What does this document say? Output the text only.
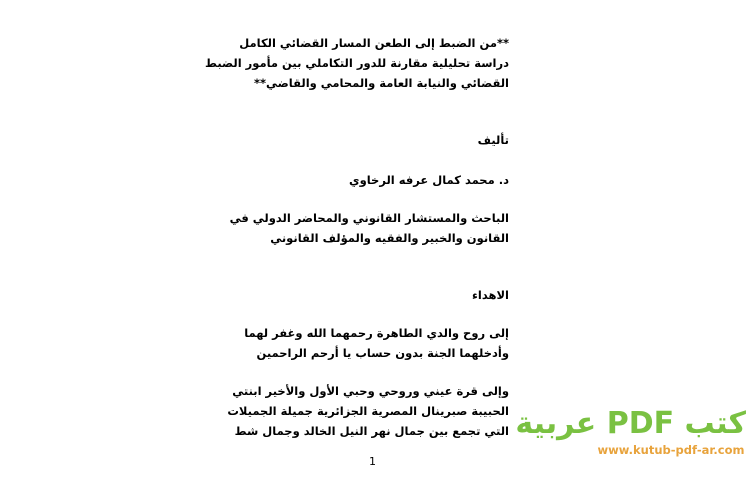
**من الضبط إلى الطعن المسار القضائي الكامل
دراسة تحليلية مقارنة للدور التكاملي بين مأمور الضبط
القضائي والنيابة العامة والمحامي والقاضي**
تأليف
د. محمد كمال عرفه الرخاوي
الباحث والمستشار القانوني والمحاضر الدولي في
القانون والخبير والفقيه والمؤلف القانوني
الاهداء
إلى روح والدي الطاهرة رحمهما الله وغفر لهما
وأدخلهما الجنة بدون حساب يا أرحم الراحمين
وإلى قرة عيني وروحي وحبي الأول والأخير ابنتي
الحبيبة صبرينال المصرية الجزائرية جميلة الجميلات
التي تجمع بين جمال نهر النيل الخالد وجمال شط
1
كتب PDF عربية
www.kutub-pdf-ar.com
